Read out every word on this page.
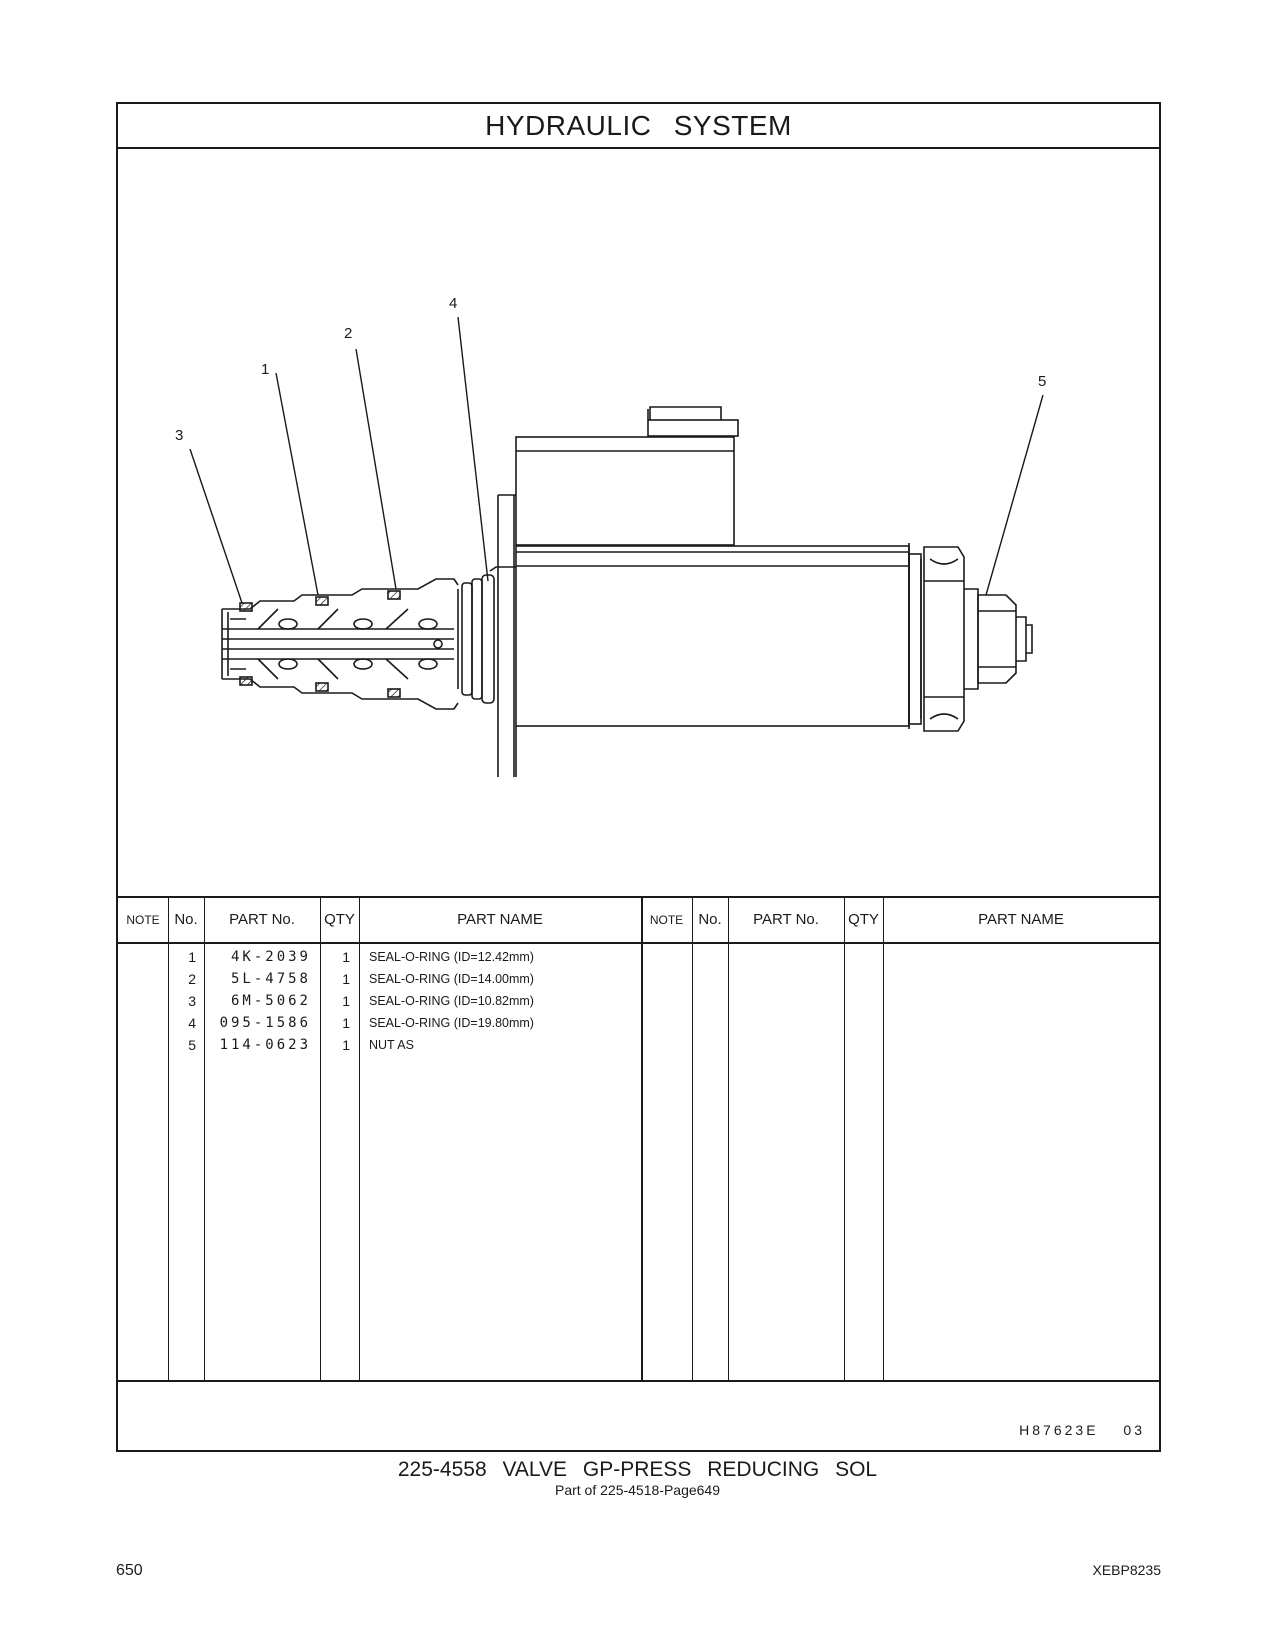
HYDRAULIC SYSTEM
4
2
1
3
5
NOTE No.	PART No.	QTY	PART NAME	NOTE	No.	PART No.	QTY	PART NAME
1	4K-2039	1 SEAL-O-RING (ID=12.42mm)
2	5L-4758	1 SEAL-O-RING (ID=14.00mm)
3	6M-5062	1 SEAL-O-RING (ID=10.82mm)
4	095-1586	1 SEAL-O-RING (ID=19.80mm)
5	114-0623	1 NUT AS
H87623E 03
225-4558 VALVE GP-PRESS REDUCING SOL
Part of 225-4518-Page649
650	XEBP8235
